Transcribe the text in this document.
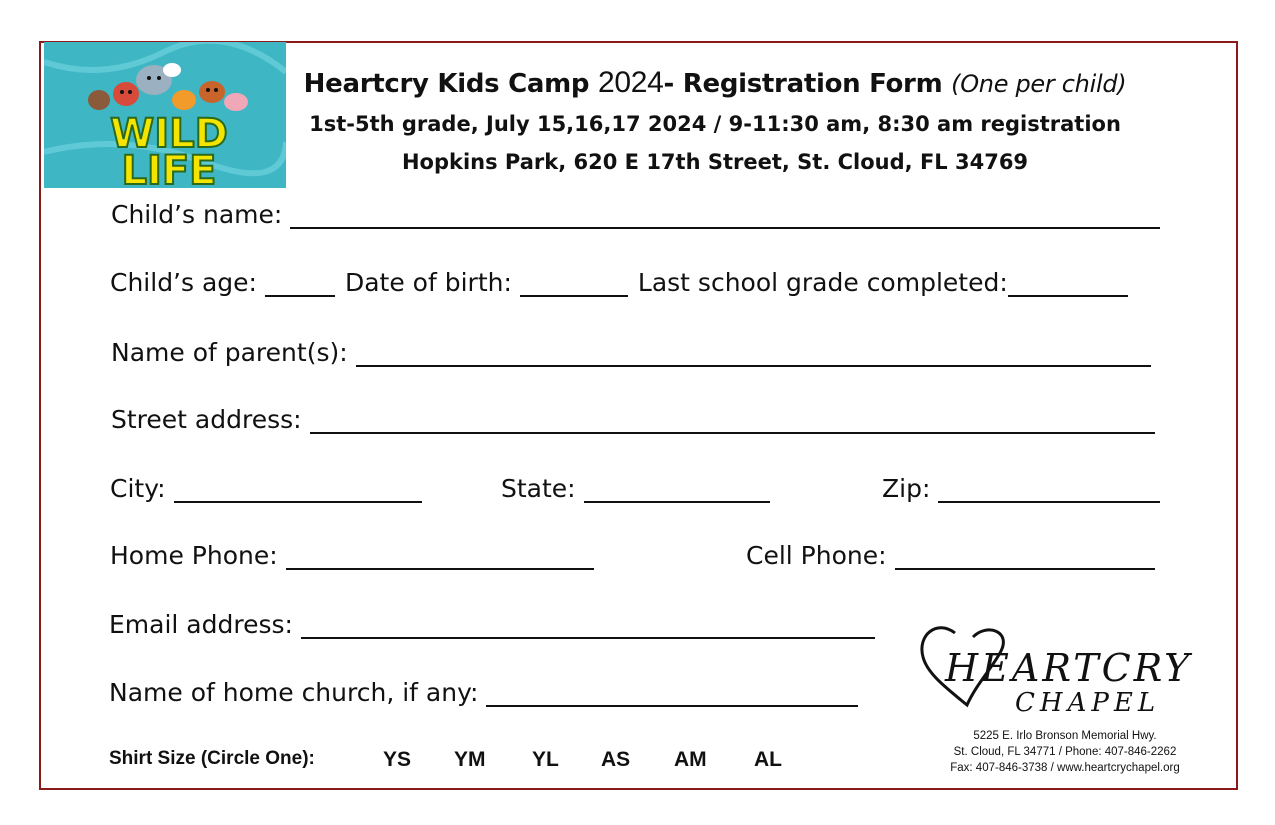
WILD
LIFE
Heartcry Kids Camp 2024- Registration Form (One per child)
1st-5th grade, July 15,16,17 2024 / 9-11:30 am, 8:30 am registration
Hopkins Park, 620 E 17th Street, St. Cloud, FL 34769
Child’s name:
Child’s age:	Date of birth:	Last school grade completed:
Name of parent(s):
Street address:
City:	State:	Zip:
Home Phone:	Cell Phone:
Email address:
Name of home church, if any:
Shirt Size (Circle One):	YS YM YL AS AM AL
HEARTCRY
CHAPEL
5225 E. Irlo Bronson Memorial Hwy.
St. Cloud, FL 34771 / Phone: 407-846-2262
Fax: 407-846-3738 / www.heartcrychapel.org
